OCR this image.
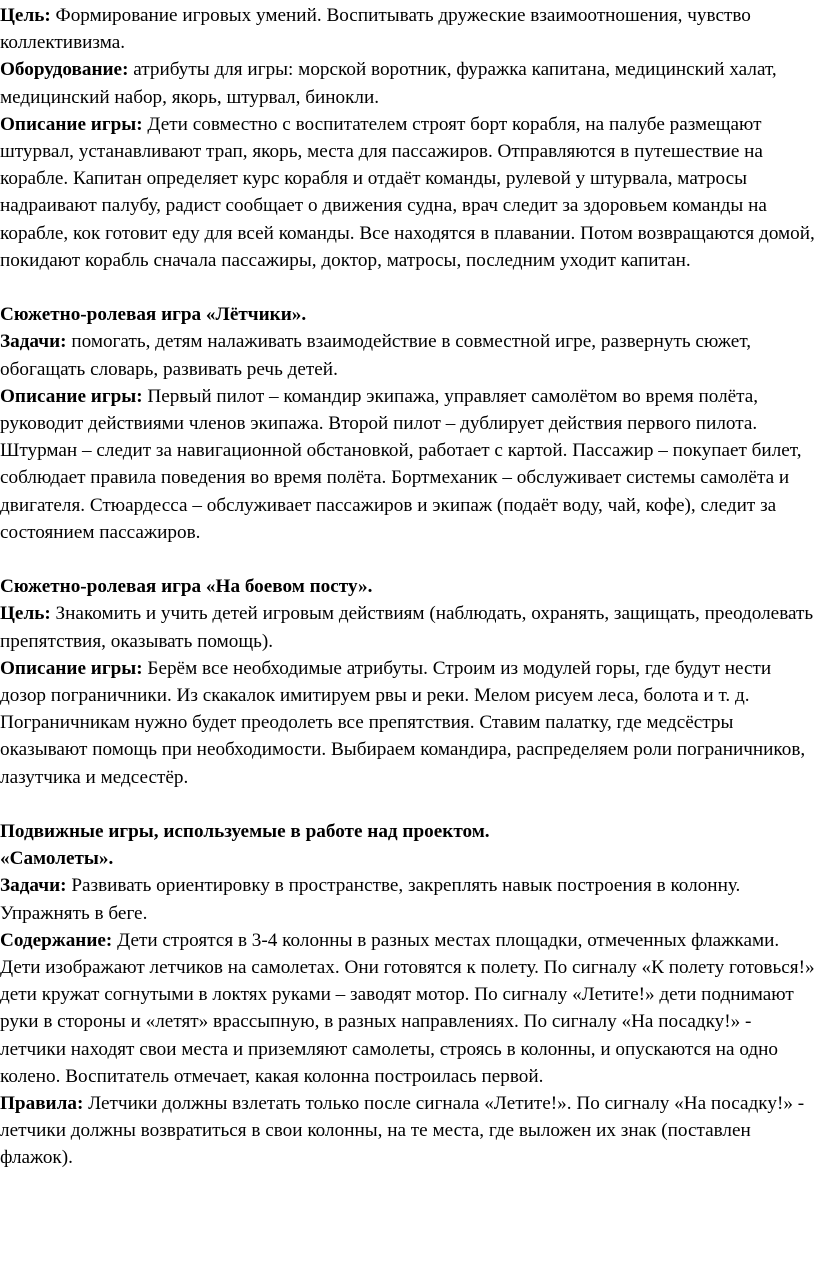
Цель: Формирование игровых умений. Воспитывать дружеские взаимоотношения, чувство коллективизма.

Оборудование: атрибуты для игры: морской воротник, фуражка капитана, медицинский халат, медицинский набор, якорь, штурвал, бинокли.

Описание игры: Дети совместно с воспитателем строят борт корабля, на палубе размещают штурвал, устанавливают трап, якорь, места для пассажиров. Отправляются в путешествие на корабле. Капитан определяет курс корабля и отдаёт команды, рулевой у штурвала, матросы надраивают палубу, радист сообщает о движения судна, врач следит за здоровьем команды на корабле, кок готовит еду для всей команды. Все находятся в плавании. Потом возвращаются домой, покидают корабль сначала пассажиры, доктор, матросы, последним уходит капитан.

Сюжетно-ролевая игра «Лётчики».

Задачи: помогать, детям налаживать взаимодействие в совместной игре, развернуть сюжет, обогащать словарь, развивать речь детей.

Описание игры: Первый пилот – командир экипажа, управляет самолётом во время полёта, руководит действиями членов экипажа. Второй пилот – дублирует действия первого пилота. Штурман – следит за навигационной обстановкой, работает с картой. Пассажир – покупает билет, соблюдает правила поведения во время полёта. Бортмеханик – обслуживает системы самолёта и двигателя. Стюардесса – обслуживает пассажиров и экипаж (подаёт воду, чай, кофе), следит за состоянием пассажиров.

Сюжетно-ролевая игра «На боевом посту».

Цель: Знакомить и учить детей игровым действиям (наблюдать, охранять, защищать, преодолевать препятствия, оказывать помощь).

Описание игры: Берём все необходимые атрибуты. Строим из модулей горы, где будут нести дозор пограничники. Из скакалок имитируем рвы и реки. Мелом рисуем леса, болота и т. д. Пограничникам нужно будет преодолеть все препятствия. Ставим палатку, где медсёстры оказывают помощь при необходимости. Выбираем командира, распределяем роли пограничников, лазутчика и медсестёр.

Подвижные игры, используемые в работе над проектом.

«Самолеты».

Задачи: Развивать ориентировку в пространстве, закреплять навык построения в колонну. Упражнять в беге.

Содержание: Дети строятся в 3-4 колонны в разных местах площадки, отмеченных флажками. Дети изображают летчиков на самолетах. Они готовятся к полету. По сигналу «К полету готовься!» дети кружат согнутыми в локтях руками – заводят мотор. По сигналу «Летите!» дети поднимают руки в стороны и «летят» врассыпную, в разных направлениях. По сигналу «На посадку!» - летчики находят свои места и приземляют самолеты, строясь в колонны, и опускаются на одно колено. Воспитатель отмечает, какая колонна построилась первой.

Правила: Летчики должны взлетать только после сигнала «Летите!». По сигналу «На посадку!» - летчики должны возвратиться в свои колонны, на те места, где выложен их знак (поставлен флажок).
